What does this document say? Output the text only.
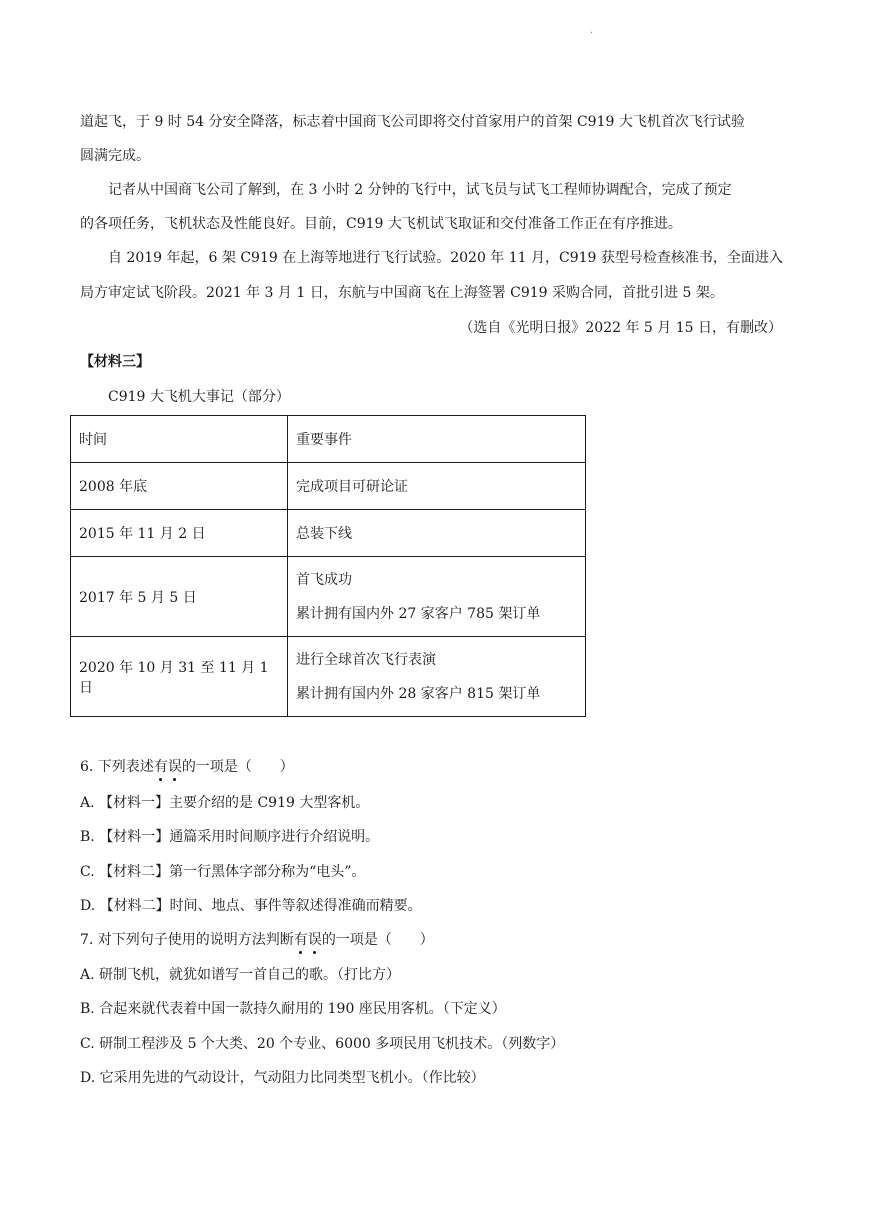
·
道起飞，于 9 时 54 分安全降落，标志着中国商飞公司即将交付首家用户的首架 C919 大飞机首次飞行试验
圆满完成。
记者从中国商飞公司了解到，在 3 小时 2 分钟的飞行中，试飞员与试飞工程师协调配合，完成了预定
的各项任务，飞机状态及性能良好。目前，C919 大飞机试飞取证和交付准备工作正在有序推进。
自 2019 年起，6 架 C919 在上海等地进行飞行试验。2020 年 11 月，C919 获型号检查核准书，全面进入
局方审定试飞阶段。2021 年 3 月 1 日，东航与中国商飞在上海签署 C919 采购合同，首批引进 5 架。
（选自《光明日报》2022 年 5 月 15 日，有删改）
【材料三】
C919 大飞机大事记（部分）
时间	重要事件
2008 年底	完成项目可研论证
2015 年 11 月 2 日	总装下线
2017 年 5 月 5 日	首飞成功
累计拥有国内外 27 家客户 785 架订单

2020 年 10 月 31 至 11 月 1 日	进行全球首次飞行表演
累计拥有国内外 28 家客户 815 架订单
6. 下列表述有误的一项是（　　）
A. 【材料一】主要介绍的是 C919 大型客机。
B. 【材料一】通篇采用时间顺序进行介绍说明。
C. 【材料二】第一行黑体字部分称为“电头”。
D. 【材料二】时间、地点、事件等叙述得准确而精要。
7. 对下列句子使用的说明方法判断有误的一项是（　　）
A. 研制飞机，就犹如谱写一首自己的歌。（打比方）
B. 合起来就代表着中国一款持久耐用的 190 座民用客机。（下定义）
C. 研制工程涉及 5 个大类、20 个专业、6000 多项民用飞机技术。（列数字）
D. 它采用先进的气动设计，气动阻力比同类型飞机小。（作比较）
